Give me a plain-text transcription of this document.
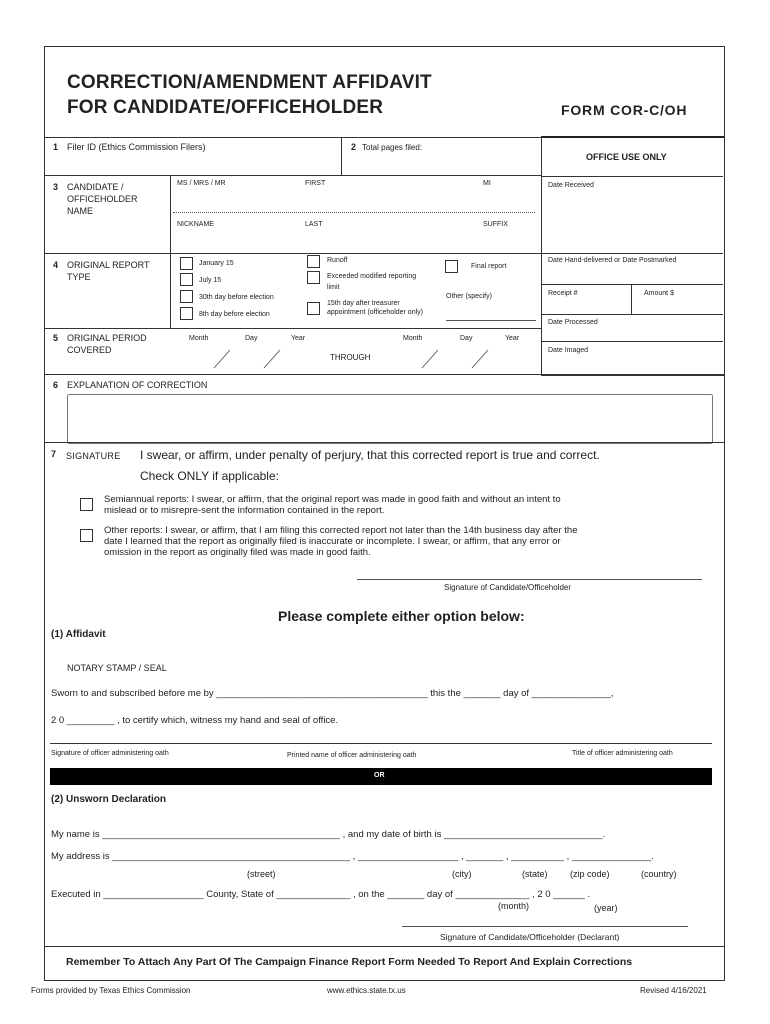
CORRECTION/AMENDMENT AFFIDAVIT
FOR CANDIDATE/OFFICEHOLDER	FORM COR-C/OH
1 Filer ID (Ethics Commission Filers)	2 Total pages filed:
OFFICE USE ONLY
Date Received
Date Hand-delivered or Date Postmarked
Receipt #	Amount $
Date Processed
Date Imaged
3 CANDIDATE /
OFFICEHOLDER
NAME
MS / MRS / MR	FIRST	MI
NICKNAME	LAST	SUFFIX
4 ORIGINAL REPORT
TYPE
January 15
July 15
30th day before election
8th day before election
Runoff
Exceeded modified reporting
limit
15th day after treasurer
appointment (officeholder only)
Final report
Other (specify)
5 ORIGINAL PERIOD
COVERED
Month	Day	Year	Month	Day	Year
THROUGH
6 EXPLANATION OF CORRECTION
7 SIGNATURE I swear, or affirm, under penalty of perjury, that this corrected report is true and correct.
Check ONLY if applicable:
Semiannual reports: I swear, or affirm, that the original report was made in good faith and without an intent to
mislead or to misrepre-sent the information contained in the report.
Other reports: I swear, or affirm, that I am filing this corrected report not later than the 14th business day after the
date I learned that the report as originally filed is inaccurate or incomplete. I swear, or affirm, that any error or
omission in the report as originally filed was made in good faith.
Signature of Candidate/Officeholder
Please complete either option below:
(1) Affidavit
NOTARY STAMP / SEAL
Sworn to and subscribed before me by ________________________________________ this the _______ day of _______________,
2 0 _________ , to certify which, witness my hand and seal of office.
Signature of officer administering oath	Printed name of officer administering oath	Title of officer administering oath
OR
(2) Unsworn Declaration
My name is _____________________________________________ , and my date of birth is ______________________________.
My address is _____________________________________________ , ___________________ , _______ , __________ , _______________.
(street)	(city)	(state) (zip code)	(country)
Executed in ___________________ County, State of ______________ , on the _______ day of ______________ , 2 0 ______ .
(month)	(year)
Signature of Candidate/Officeholder (Declarant)
Remember To Attach Any Part Of The Campaign Finance Report Form Needed To Report And Explain Corrections
Forms provided by Texas Ethics Commission	www.ethics.state.tx.us	Revised 4/16/2021
